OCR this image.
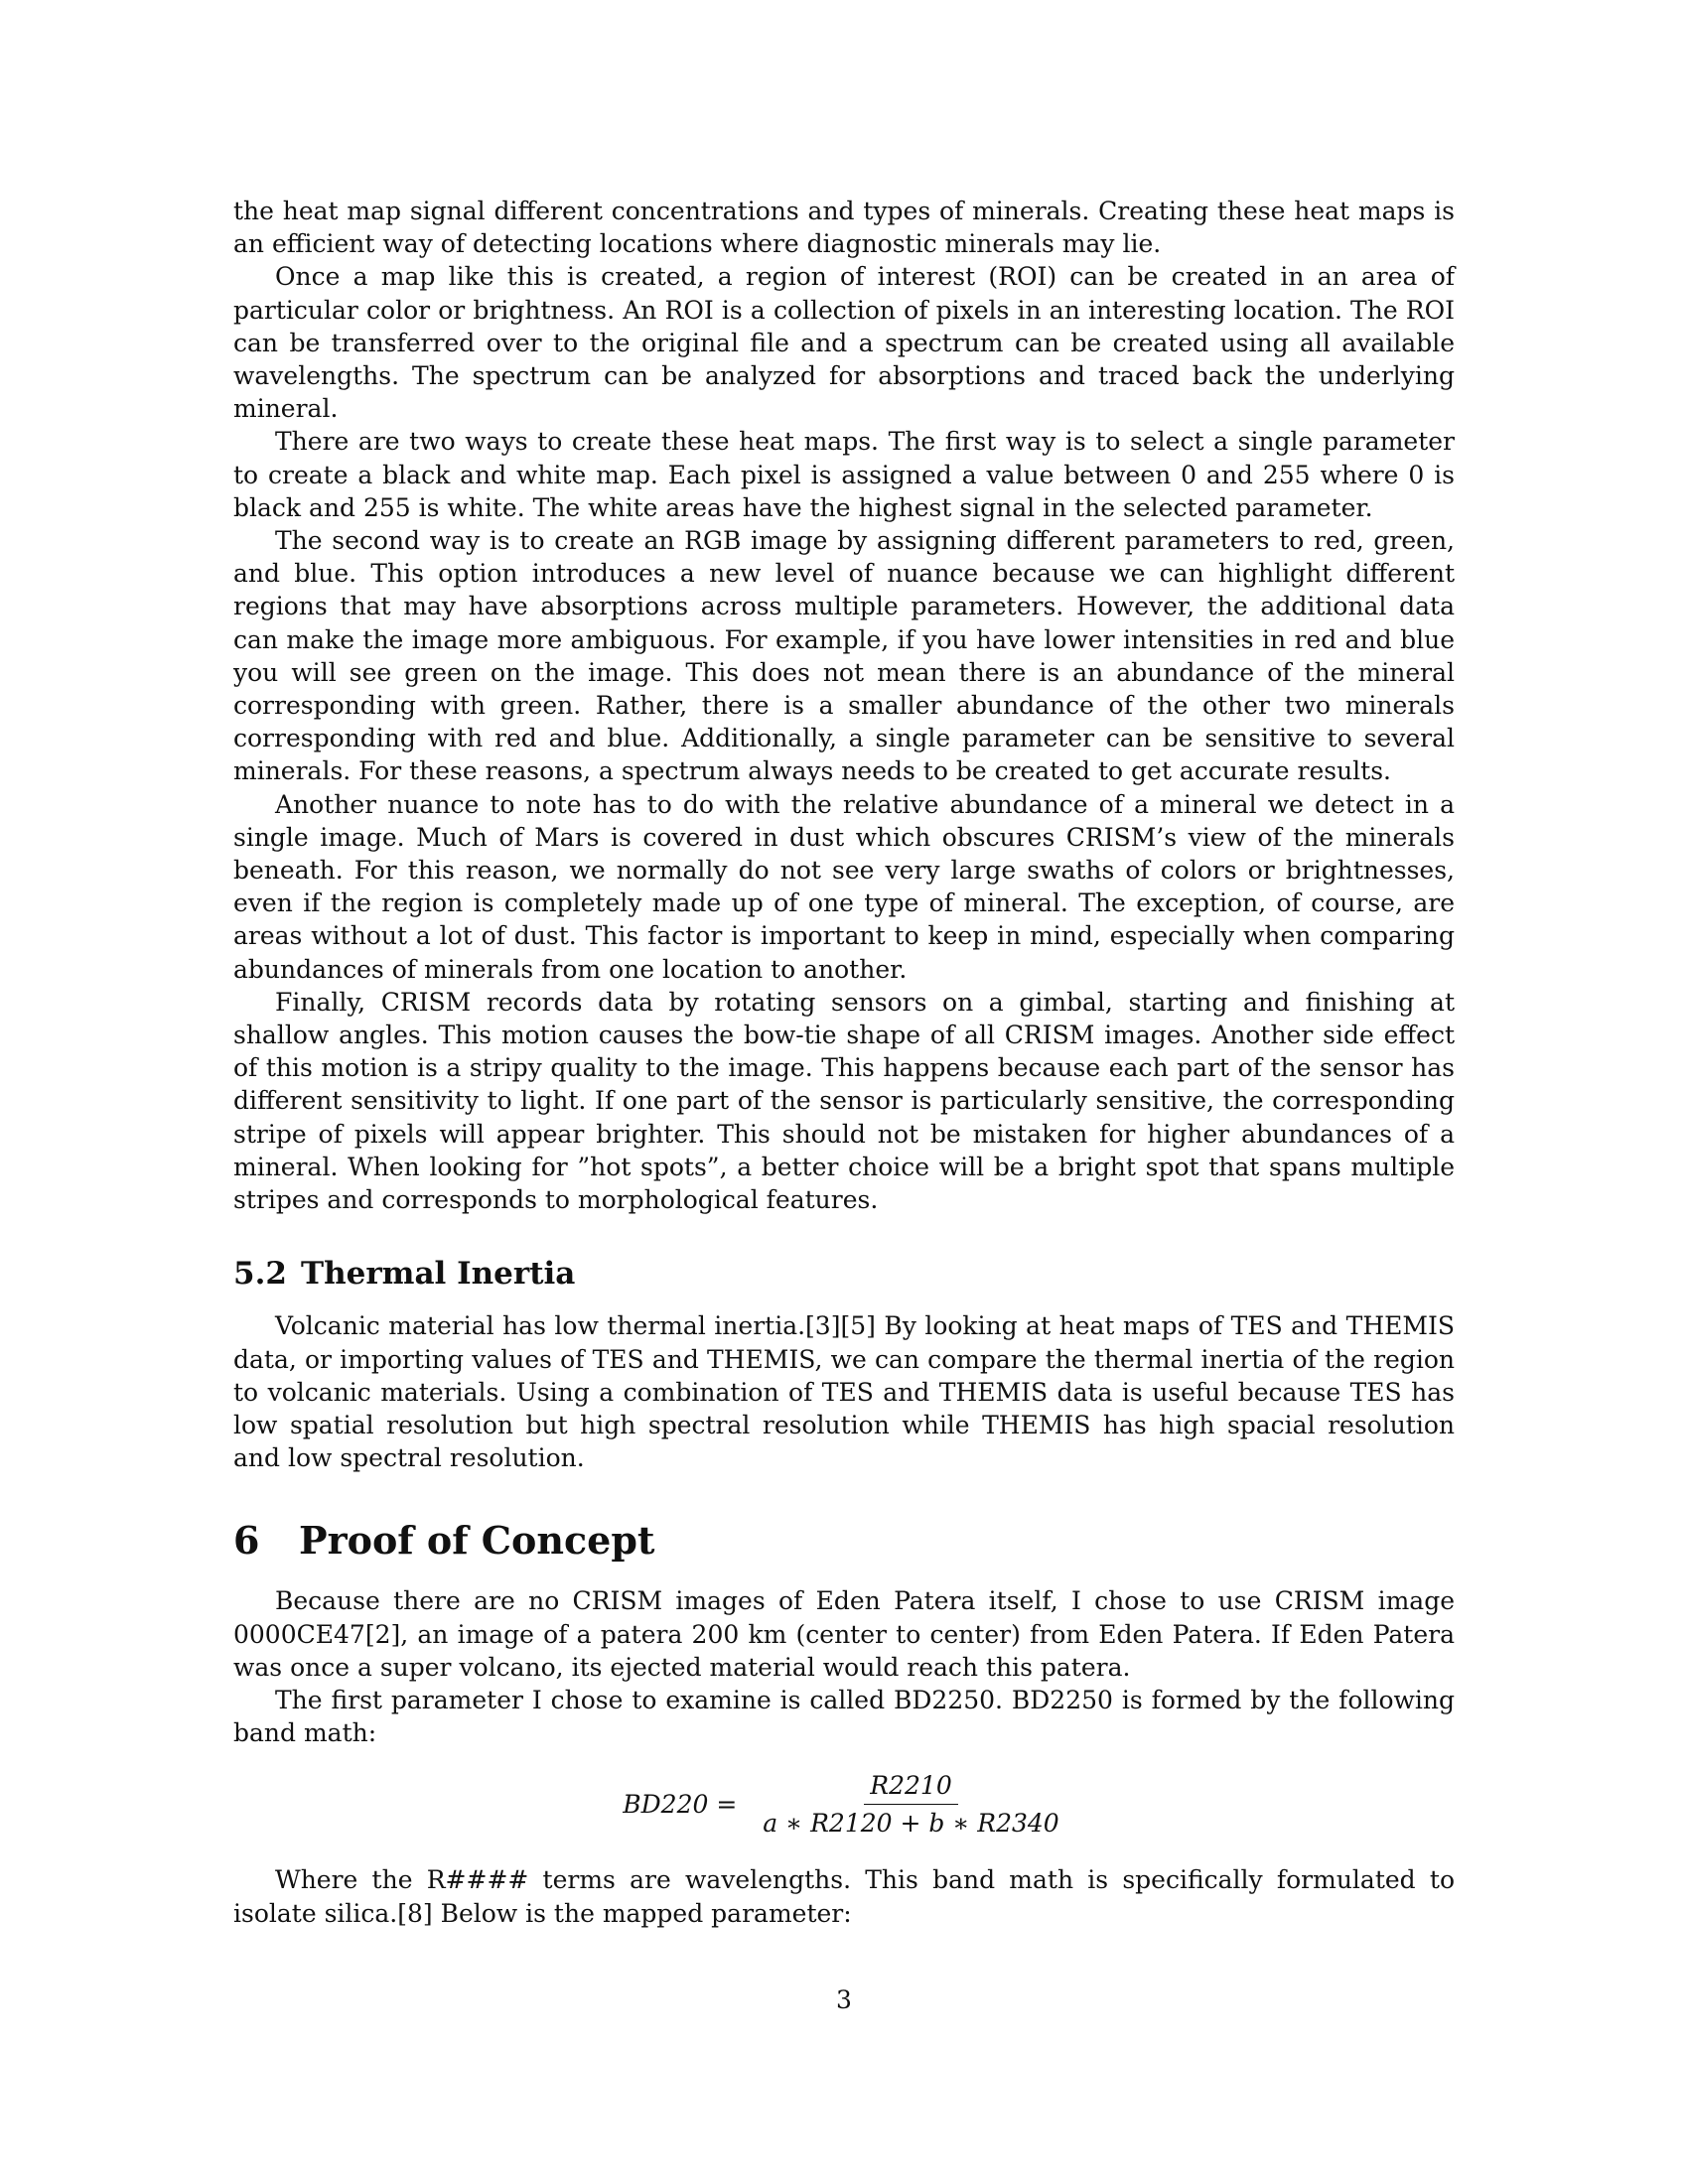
the heat map signal different concentrations and types of minerals. Creating these heat maps is an efficient way of detecting locations where diagnostic minerals may lie.

Once a map like this is created, a region of interest (ROI) can be created in an area of particular color or brightness. An ROI is a collection of pixels in an interesting location. The ROI can be transferred over to the original file and a spectrum can be created using all available wavelengths. The spectrum can be analyzed for absorptions and traced back the underlying mineral.

There are two ways to create these heat maps. The first way is to select a single parameter to create a black and white map. Each pixel is assigned a value between 0 and 255 where 0 is black and 255 is white. The white areas have the highest signal in the selected parameter.

The second way is to create an RGB image by assigning different parameters to red, green, and blue. This option introduces a new level of nuance because we can highlight different regions that may have absorptions across multiple parameters. However, the additional data can make the image more ambiguous. For example, if you have lower intensities in red and blue you will see green on the image. This does not mean there is an abundance of the mineral corresponding with green. Rather, there is a smaller abundance of the other two minerals corresponding with red and blue. Additionally, a single parameter can be sensitive to several minerals. For these reasons, a spectrum always needs to be created to get accurate results.

Another nuance to note has to do with the relative abundance of a mineral we detect in a single image. Much of Mars is covered in dust which obscures CRISM’s view of the minerals beneath. For this reason, we normally do not see very large swaths of colors or brightnesses, even if the region is completely made up of one type of mineral. The exception, of course, are areas without a lot of dust. This factor is important to keep in mind, especially when comparing abundances of minerals from one location to another.

Finally, CRISM records data by rotating sensors on a gimbal, starting and finishing at shallow angles. This motion causes the bow-tie shape of all CRISM images. Another side effect of this motion is a stripy quality to the image. This happens because each part of the sensor has different sensitivity to light. If one part of the sensor is particularly sensitive, the corresponding stripe of pixels will appear brighter. This should not be mistaken for higher abundances of a mineral. When looking for ”hot spots”, a better choice will be a bright spot that spans multiple stripes and corresponds to morphological features.

5.2 Thermal Inertia

Volcanic material has low thermal inertia.[3][5] By looking at heat maps of TES and THEMIS data, or importing values of TES and THEMIS, we can compare the thermal inertia of the region to volcanic materials. Using a combination of TES and THEMIS data is useful because TES has low spatial resolution but high spectral resolution while THEMIS has high spacial resolution and low spectral resolution.

6 Proof of Concept

Because there are no CRISM images of Eden Patera itself, I chose to use CRISM image 0000CE47[2], an image of a patera 200 km (center to center) from Eden Patera. If Eden Patera was once a super volcano, its ejected material would reach this patera.

The first parameter I chose to examine is called BD2250. BD2250 is formed by the following band math:

$BD220 = \frac{R2210}{a ∗ R2120 + b ∗ R2340}$

Where the R#### terms are wavelengths. This band math is specifically formulated to isolate silica.[8] Below is the mapped parameter:

3
